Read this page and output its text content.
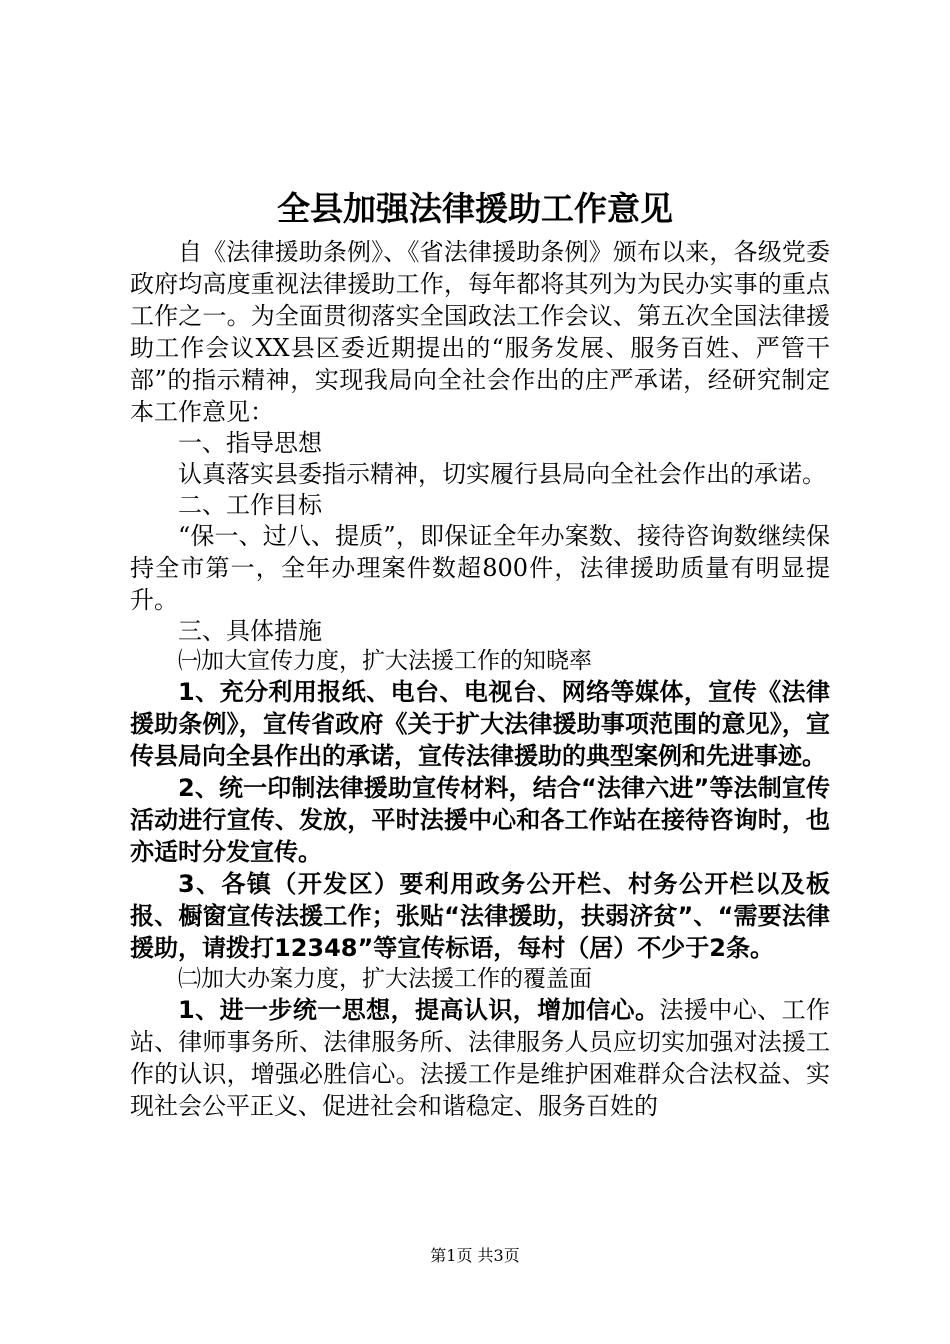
全县加强法律援助工作意见

自《法律援助条例》、《省法律援助条例》颁布以来，各级党委政府均高度重视法律援助工作，每年都将其列为为民办实事的重点工作之一。为全面贯彻落实全国政法工作会议、第五次全国法律援助工作会议XX县区委近期提出的“服务发展、服务百姓、严管干部”的指示精神，实现我局向全社会作出的庄严承诺，经研究制定本工作意见：

一、指导思想

认真落实县委指示精神，切实履行县局向全社会作出的承诺。

二、工作目标

“保一、过八、提质”，即保证全年办案数、接待咨询数继续保持全市第一，全年办理案件数超800件，法律援助质量有明显提升。

三、具体措施

㈠加大宣传力度，扩大法援工作的知晓率

1、充分利用报纸、电台、电视台、网络等媒体，宣传《法律援助条例》，宣传省政府《关于扩大法律援助事项范围的意见》，宣传县局向全县作出的承诺，宣传法律援助的典型案例和先进事迹。

2、统一印制法律援助宣传材料，结合“法律六进”等法制宣传活动进行宣传、发放，平时法援中心和各工作站在接待咨询时，也亦适时分发宣传。

3、各镇（开发区）要利用政务公开栏、村务公开栏以及板报、橱窗宣传法援工作；张贴“法律援助，扶弱济贫”、“需要法律援助，请拨打12348”等宣传标语，每村（居）不少于2条。

㈡加大办案力度，扩大法援工作的覆盖面

1、进一步统一思想，提高认识，增加信心。法援中心、工作站、律师事务所、法律服务所、法律服务人员应切实加强对法援工作的认识，增强必胜信心。法援工作是维护困难群众合法权益、实现社会公平正义、促进社会和谐稳定、服务百姓的

第1页 共3页
